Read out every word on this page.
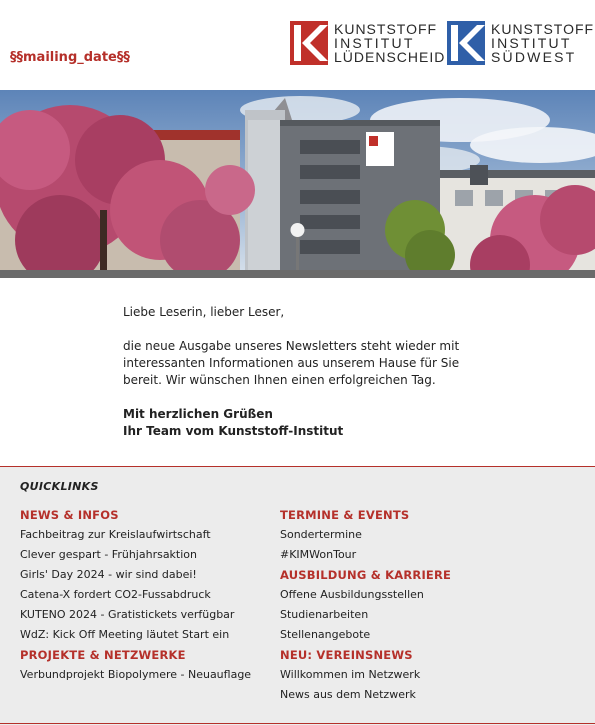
§§mailing_date§§
KUNSTSTOFF
INSTITUT
LÜDENSCHEID
KUNSTSTOFF
INSTITUT
SÜDWEST

Liebe Leserin, lieber Leser,

die neue Ausgabe unseres Newsletters steht wieder mit interessanten Informationen aus unserem Hause für Sie bereit. Wir wünschen Ihnen einen erfolgreichen Tag.

Mit herzlichen Grüßen
Ihr Team vom Kunststoff-Institut
QUICKLINKS
NEWS & INFOS
Fachbeitrag zur Kreislaufwirtschaft
Clever gespart - Frühjahrsaktion
Girls' Day 2024 - wir sind dabei!
Catena-X fordert CO2-Fussabdruck
KUTENO 2024 - Gratistickets verfügbar
WdZ: Kick Off Meeting läutet Start ein
PROJEKTE & NETZWERKE
Verbundprojekt Biopolymere - Neuauflage
TERMINE & EVENTS
Sondertermine
#KIMWonTour
AUSBILDUNG & KARRIERE
Offene Ausbildungsstellen
Studienarbeiten
Stellenangebote
NEU: VEREINSNEWS
Willkommen im Netzwerk
News aus dem Netzwerk
